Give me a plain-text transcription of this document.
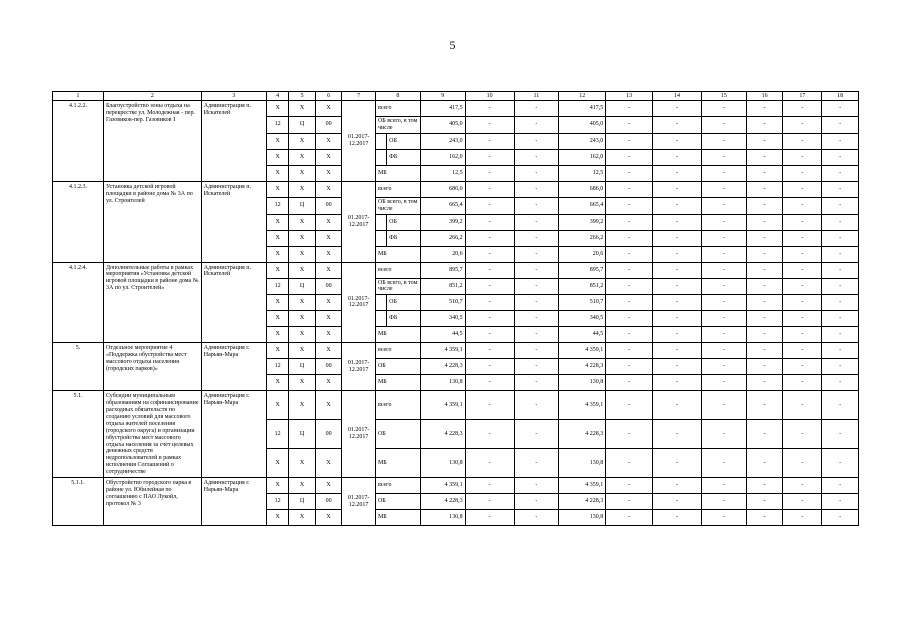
5
1	2	3	4	5	6	7	8		9	10	11	12	13	14	15	16	17	18
4.1.2.2.	Благоустройство зоны отдыха на перекрестке ул. Молодежная - пер. Газовиков-пер. Газовиков 1	Администрация п. Искателей	Х	Х	Х	01.2017-12.2017	всего		417,5	-	-	417,5	-	-	-	-	-	-
			12	Ц	00		ОБ всего, в том числе		405,0	-	-	405,0	-	-	-	-	-	-
			Х	Х	Х			ОБ	243,0	-	-	243,0	-	-	-	-	-	-
			Х	Х	Х			ФБ	162,0	-	-	162,0	-	-	-	-	-	-
			Х	Х	Х		МБ		12,5	-	-	12,5	-	-	-	-	-	-
4.1.2.3.	Установка детской игровой площадки в районе дома № 3А по ул. Строителей	Администрация п. Искателей	Х	Х	Х	01.2017-12.2017	всего		686,0	-	-	686,0	-	-	-	-	-	-
			12	Ц	00		ОБ всего, в том числе		665,4	-	-	665,4	-	-	-	-	-	-
			Х	Х	Х			ОБ	399,2	-	-	399,2	-	-	-	-	-	-
			Х	Х	Х			ФБ	266,2	-	-	266,2	-	-	-	-	-	-
			Х	Х	Х		МБ		20,6	-	-	20,6	-	-	-	-	-	-
4.1.2.4.	Дополнительные работы в рамках мероприятия «Установка детской игровой площадки в районе дома № 3А по ул. Строителей»	Администрация п. Искателей	Х	Х	Х	01.2017-12.2017	всего		895,7	-	-	895,7	-	-	-	-	-	-
			12	Ц	00		ОБ всего, в том числе		851,2	-	-	851,2	-	-	-	-	-	-
			Х	Х	Х			ОБ	510,7	-	-	510,7	-	-	-	-	-	-
			Х	Х	Х			ФБ	340,5	-	-	340,5	-	-	-	-	-	-
			Х	Х	Х		МБ		44,5	-	-	44,5	-	-	-	-	-	-
5.	Отдельное мероприятие 4 «Поддержка обустройства мест массового отдыха населения (городских парков)»	Администрация г. Нарьян-Мара	Х	Х	Х	01.2017-12.2017	всего		4 359,1	-	-	4 359,1	-	-	-	-	-	-
			12	Ц	00		ОБ		4 228,3	-	-	4 228,3	-	-	-	-	-	-
			Х	Х	Х		МБ		130,8	-	-	130,8	-	-	-	-	-	-
5.1.	Субсидии муниципальным образованиям на софинансирование расходных обязательств по созданию условий для массового отдыха жителей поселения (городского округа) и организации обустройства мест массового отдыха населения за счет целевых денежных средств недропользователей в рамках исполнения Соглашений о сотрудничестве	Администрация г. Нарьян-Мара	Х	Х	Х	01.2017-12.2017	всего		4 359,1	-	-	4 359,1	-	-	-	-	-	-
			12	Ц	00		ОБ		4 228,3	-	-	4 228,3	-	-	-	-	-	-
			Х	Х	Х		МБ		130,8	-	-	130,8	-	-	-	-	-	-
5.1.1.	Обустройство городского парка в районе ул. Юбилейная по соглашению с ПАО Лукойл, протокол № 3	Администрация г. Нарьян-Мара	Х	Х	Х	01.2017-12.2017	всего		4 359,1	-	-	4 359,1	-	-	-	-	-	-
			12	Ц	00		ОБ		4 228,3	-	-	4 228,3	-	-	-	-	-	-
			Х	Х	Х		МБ		130,8	-	-	130,8	-	-	-	-	-	-
